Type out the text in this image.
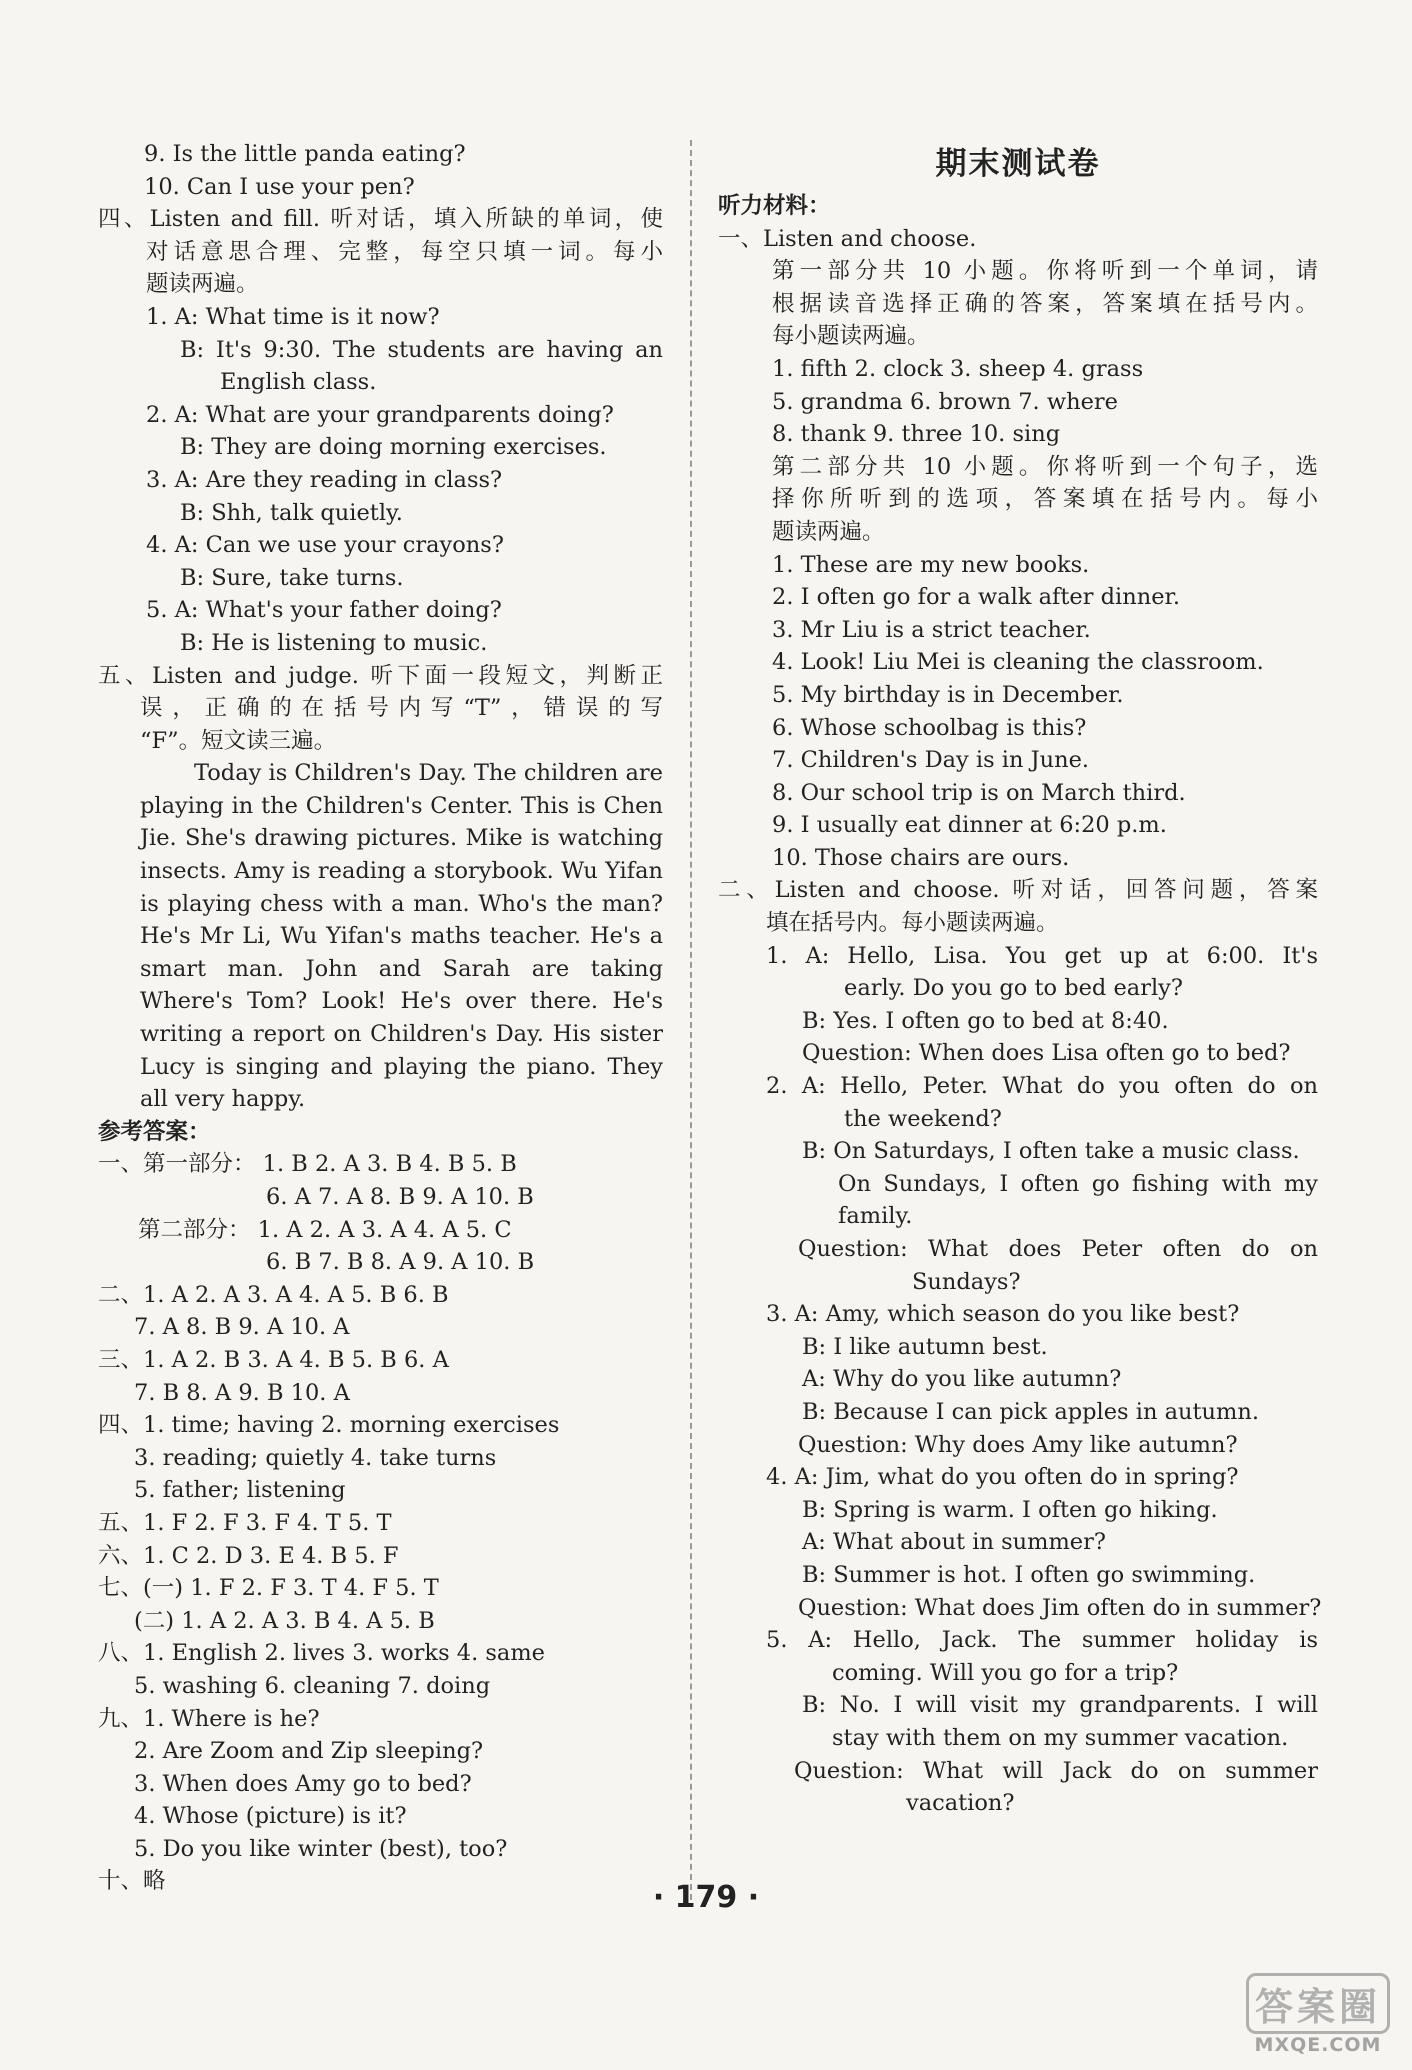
9. Is the little panda eating?
10. Can I use your pen?
四、Listen and fill. 听对话，填入所缺的单词，使
对话意思合理、完整，每空只填一词。每小
题读两遍。
1. A: What time is it now?
B: It's 9:30. The students are having an
English class.
2. A: What are your grandparents doing?
B: They are doing morning exercises.
3. A: Are they reading in class?
B: Shh, talk quietly.
4. A: Can we use your crayons?
B: Sure, take turns.
5. A: What's your father doing?
B: He is listening to music.
五、Listen and judge. 听下面一段短文，判断正
误，正确的在括号内写“T”，错误的写
“F”。短文读三遍。
Today is Children's Day. The children are
playing in the Children's Center. This is Chen
Jie. She's drawing pictures. Mike is watching
insects. Amy is reading a storybook. Wu Yifan
is playing chess with a man. Who's the man?
He's Mr Li, Wu Yifan's maths teacher. He's a
smart man. John and Sarah are taking
Where's Tom? Look! He's over there. He's
writing a report on Children's Day. His sister
Lucy is singing and playing the piano. They
all very happy.
参考答案：
一、第一部分： 1. B 2. A 3. B 4. B 5. B
6. A 7. A 8. B 9. A 10. B
第二部分： 1. A 2. A 3. A 4. A 5. C
6. B 7. B 8. A 9. A 10. B
二、1. A 2. A 3. A 4. A 5. B 6. B
7. A 8. B 9. A 10. A
三、1. A 2. B 3. A 4. B 5. B 6. A
7. B 8. A 9. B 10. A
四、1. time; having 2. morning exercises
3. reading; quietly 4. take turns
5. father; listening
五、1. F 2. F 3. F 4. T 5. T
六、1. C 2. D 3. E 4. B 5. F
七、(一) 1. F 2. F 3. T 4. F 5. T
(二) 1. A 2. A 3. B 4. A 5. B
八、1. English 2. lives 3. works 4. same
5. washing 6. cleaning 7. doing
九、1. Where is he?
2. Are Zoom and Zip sleeping?
3. When does Amy go to bed?
4. Whose (picture) is it?
5. Do you like winter (best), too?
十、略
期末测试卷
听力材料：
一、Listen and choose.
第一部分共 10 小题。你将听到一个单词，请
根据读音选择正确的答案，答案填在括号内。
每小题读两遍。
1. fifth 2. clock 3. sheep 4. grass
5. grandma 6. brown 7. where
8. thank 9. three 10. sing
第二部分共 10 小题。你将听到一个句子，选
择你所听到的选项，答案填在括号内。每小
题读两遍。
1. These are my new books.
2. I often go for a walk after dinner.
3. Mr Liu is a strict teacher.
4. Look! Liu Mei is cleaning the classroom.
5. My birthday is in December.
6. Whose schoolbag is this?
7. Children's Day is in June.
8. Our school trip is on March third.
9. I usually eat dinner at 6:20 p.m.
10. Those chairs are ours.
二、Listen and choose. 听对话，回答问题，答案
填在括号内。每小题读两遍。
1. A: Hello, Lisa. You get up at 6:00. It's
early. Do you go to bed early?
B: Yes. I often go to bed at 8:40.
Question: When does Lisa often go to bed?
2. A: Hello, Peter. What do you often do on
the weekend?
B: On Saturdays, I often take a music class.
On Sundays, I often go fishing with my
family.
Question: What does Peter often do on
Sundays?
3. A: Amy, which season do you like best?
B: I like autumn best.
A: Why do you like autumn?
B: Because I can pick apples in autumn.
Question: Why does Amy like autumn?
4. A: Jim, what do you often do in spring?
B: Spring is warm. I often go hiking.
A: What about in summer?
B: Summer is hot. I often go swimming.
Question: What does Jim often do in summer?
5. A: Hello, Jack. The summer holiday is
coming. Will you go for a trip?
B: No. I will visit my grandparents. I will
stay with them on my summer vacation.
Question: What will Jack do on summer
vacation?
· 179 ·
答案圈
MXQE.COM
